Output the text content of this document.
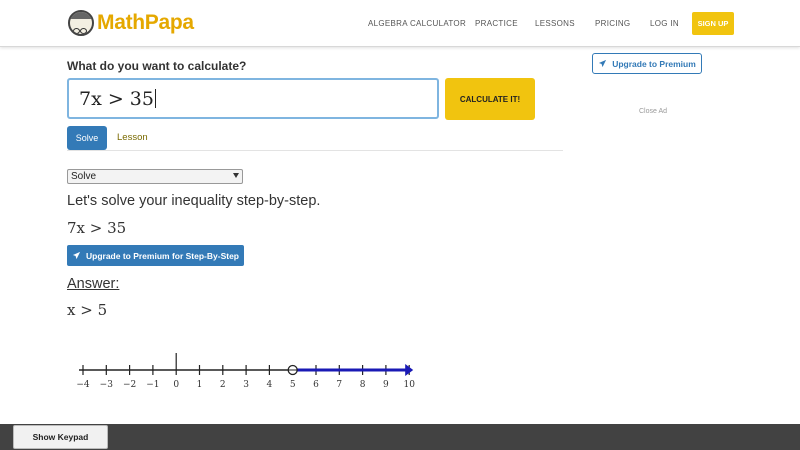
MathPapa	ALGEBRA CALCULATOR PRACTICE LESSONS	PRICING LOG IN	SIGN UP
What do you want to calculate?
7x > 35	CALCULATE IT!
Solve	Lesson
Solve
Let's solve your inequality step-by-step.
7x > 35
Upgrade to Premium for Step-By-Step
Answer:
x > 5
−4 −3 −2 −1 0 1 2 3 4 5 6 7 8 9 10
Upgrade to Premium
Close Ad
Show Keypad
